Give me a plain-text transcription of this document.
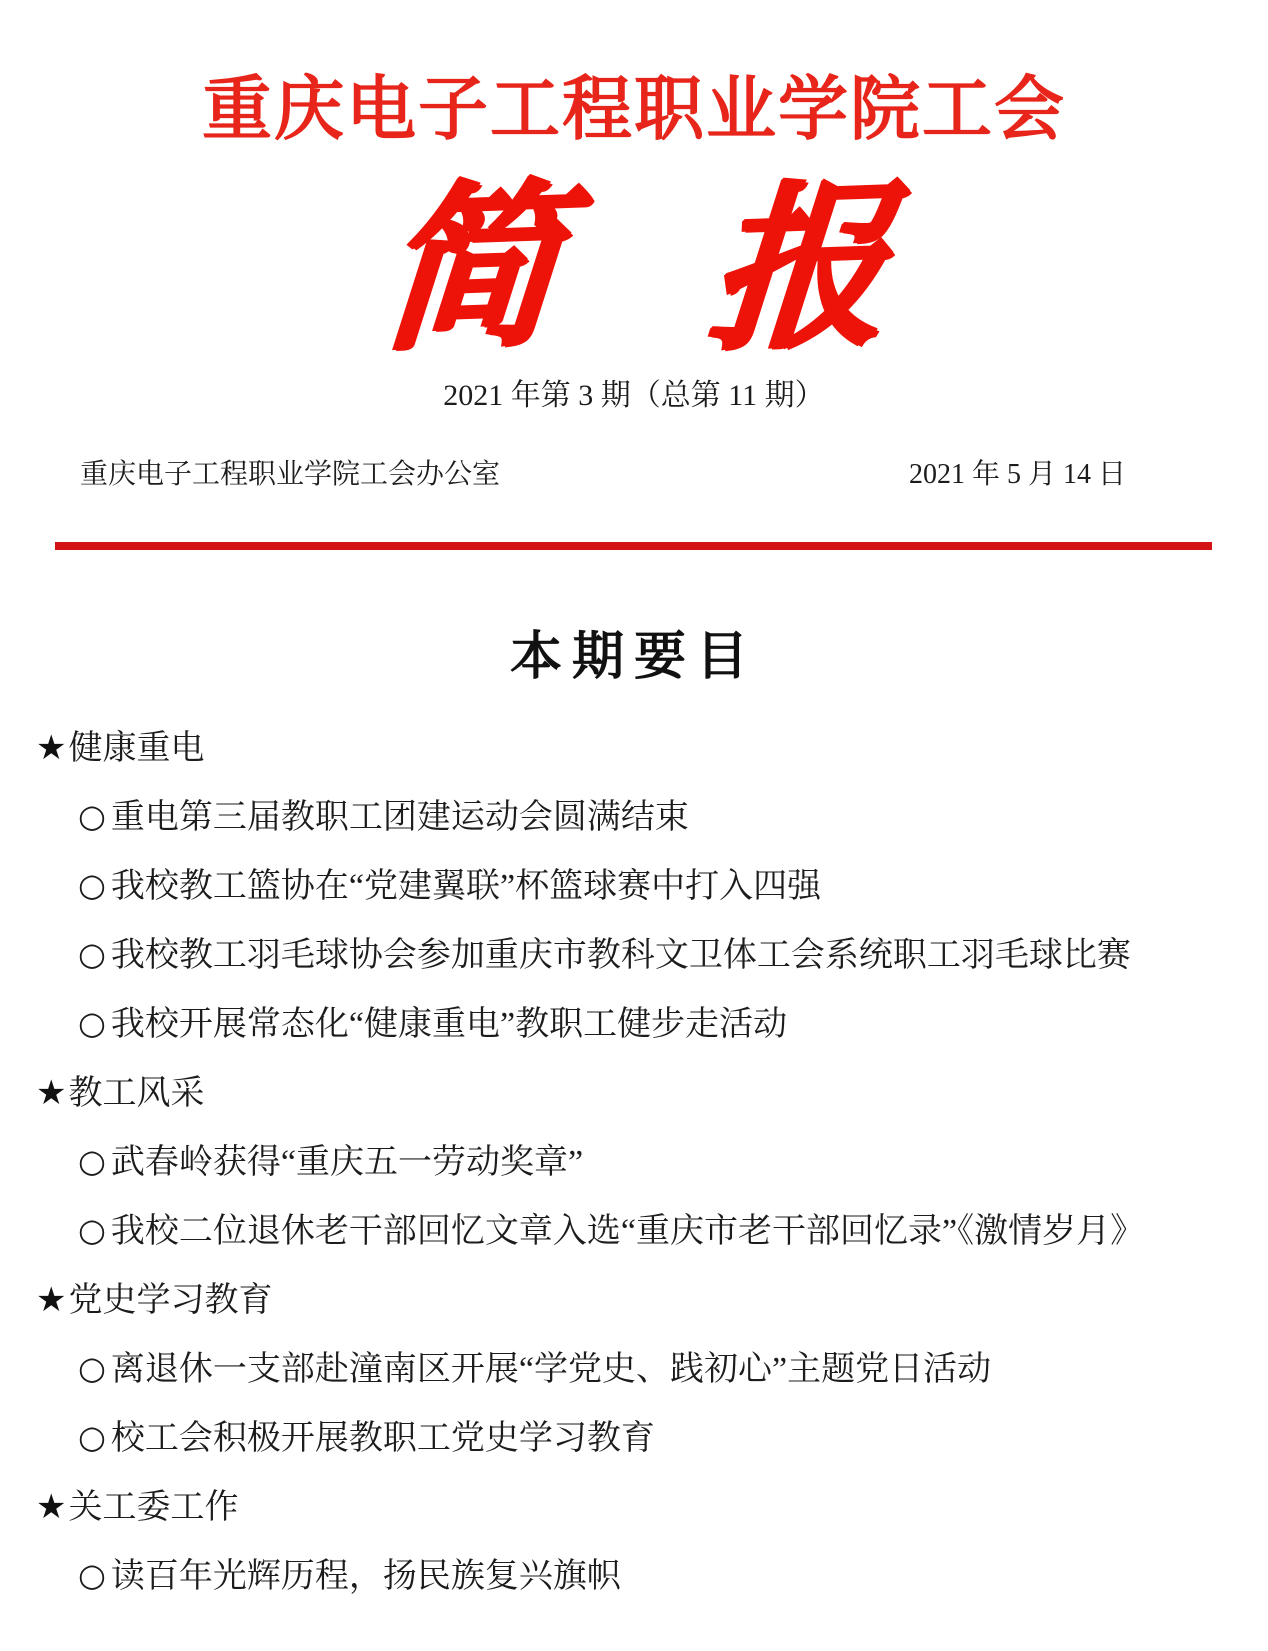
重庆电子工程职业学院工会
简 报
2021 年第 3 期（总第 11 期）
重庆电子工程职业学院工会办公室	2021 年 5 月 14 日
本期要目
★健康重电
○ 重电第三届教职工团建运动会圆满结束
○ 我校教工篮协在“党建翼联”杯篮球赛中打入四强
○ 我校教工羽毛球协会参加重庆市教科文卫体工会系统职工羽毛球比赛
○ 我校开展常态化“健康重电”教职工健步走活动
★教工风采
○ 武春岭获得“重庆五一劳动奖章”
○ 我校二位退休老干部回忆文章入选“重庆市老干部回忆录”《激情岁月》
★党史学习教育
○ 离退休一支部赴潼南区开展“学党史、践初心”主题党日活动
○ 校工会积极开展教职工党史学习教育
★关工委工作
○ 读百年光辉历程，扬民族复兴旗帜
